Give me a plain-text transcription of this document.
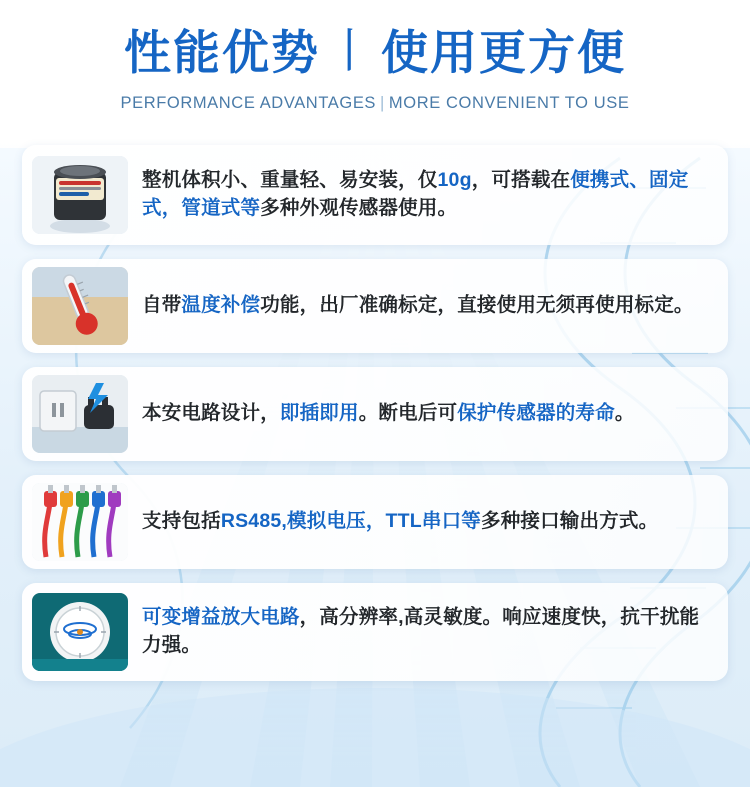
性能优势 丨 使用更方便
PERFORMANCE ADVANTAGES | MORE CONVENIENT TO USE
整机体积小、重量轻、易安装，仅10g，可搭载在便携式、固定式，管道式等多种外观传感器使用。
自带温度补偿功能，出厂准确标定，直接使用无须再使用标定。
本安电路设计，即插即用。断电后可保护传感器的寿命。
支持包括RS485,模拟电压，TTL串口等多种接口输出方式。
可变增益放大电路，高分辨率,高灵敏度。响应速度快，抗干扰能力强。
